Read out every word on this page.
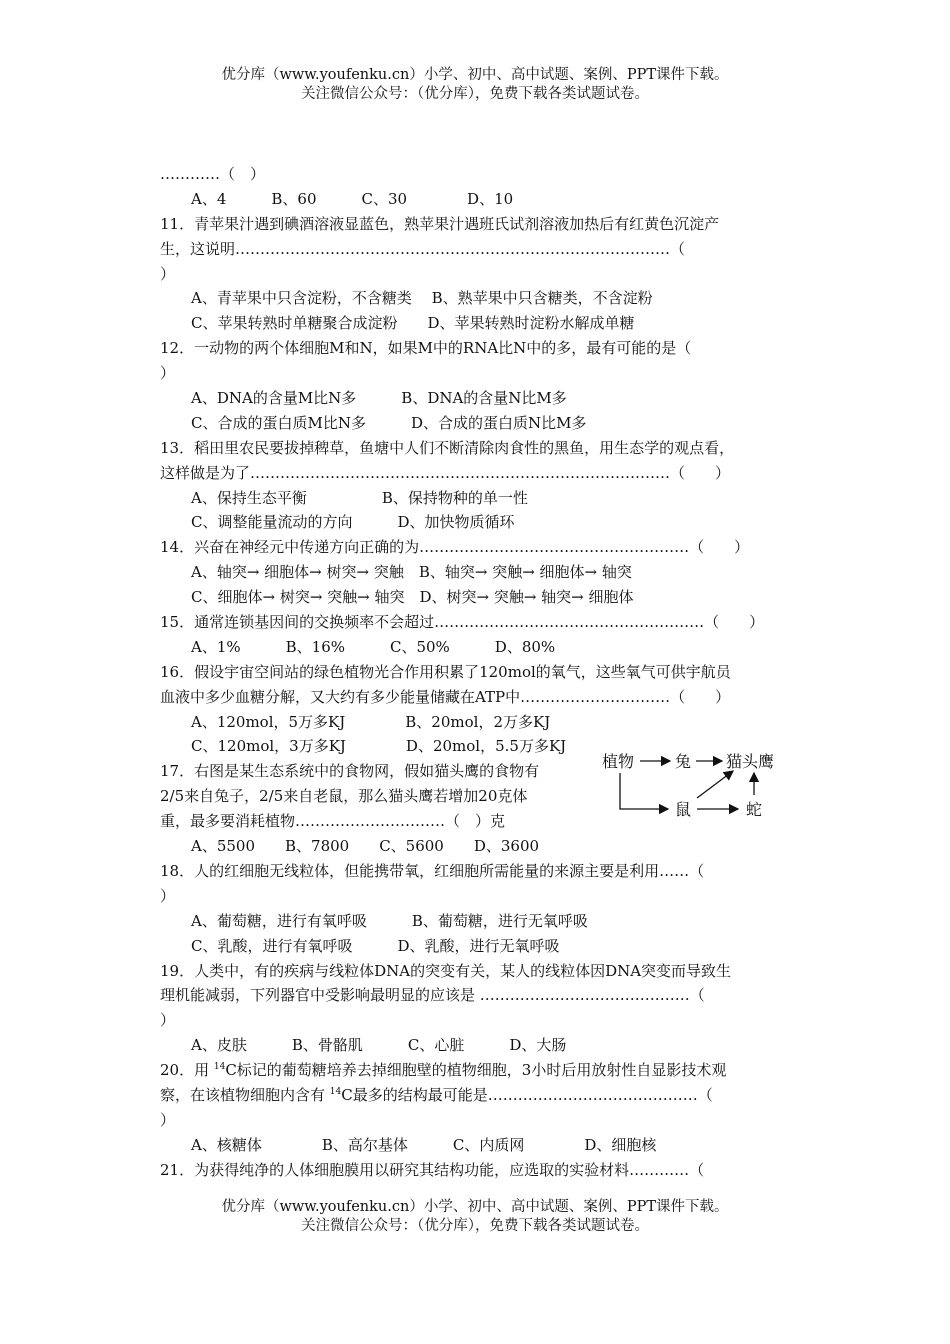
优分库（www.youfenku.cn）小学、初中、高中试题、案例、PPT课件下载。
关注微信公众号：（优分库），免费下载各类试题试卷。
…………（　）
A、4　　　B、60　　　C、30　　　　D、10
11．青苹果汁遇到碘酒溶液显蓝色，熟苹果汁遇班氏试剂溶液加热后有红黄色沉淀产
生，这说明……………………………………………………………………………（
）
A、青苹果中只含淀粉，不含糖类　 B、熟苹果中只含糖类，不含淀粉
C、苹果转熟时单糖聚合成淀粉　　D、苹果转熟时淀粉水解成单糖
12．一动物的两个体细胞M和N，如果M中的RNA比N中的多，最有可能的是（
）
A、DNA的含量M比N多　　　B、DNA的含量N比M多
C、合成的蛋白质M比N多　　　D、合成的蛋白质N比M多
13．稻田里农民要拔掉稗草，鱼塘中人们不断清除肉食性的黑鱼，用生态学的观点看，
这样做是为了…………………………………………………………………………（　　）
A、保持生态平衡　　　　　B、保持物种的单一性
C、调整能量流动的方向　　　D、加快物质循环
14．兴奋在神经元中传递方向正确的为………………………………………………（　　）
A、轴突→ 细胞体→ 树突→ 突触　B、轴突→ 突触→ 细胞体→ 轴突
C、细胞体→ 树突→ 突触→ 轴突　D、树突→ 突触→ 轴突→ 细胞体
15．通常连锁基因间的交换频率不会超过………………………………………………（　　）
A、1%　　　B、16%　　　C、50%　　　D、80%
16．假设宇宙空间站的绿色植物光合作用积累了120mol的氧气，这些氧气可供宇航员
血液中多少血糖分解，又大约有多少能量储藏在ATP中…………………………（　　）
A、120mol，5万多KJ　　　　B、20mol，2万多KJ
C、120mol，3万多KJ　　　　D、20mol，5.5万多KJ
17．右图是某生态系统中的食物网，假如猫头鹰的食物有
2/5来自兔子，2/5来自老鼠，那么猫头鹰若增加20克体
重，最多要消耗植物…………………………（　）克
植物	兔 猫头鹰
鼠	蛇
A、5500　　B、7800　　C、5600　　D、3600
18．人的红细胞无线粒体，但能携带氧，红细胞所需能量的来源主要是利用……（
）
A、葡萄糖，进行有氧呼吸　　　B、葡萄糖，进行无氧呼吸
C、乳酸，进行有氧呼吸　　　D、乳酸，进行无氧呼吸
19．人类中，有的疾病与线粒体DNA的突变有关，某人的线粒体因DNA突变而导致生
理机能减弱，下列器官中受影响最明显的应该是 ……………………………………（
）
A、皮肤　　　B、骨骼肌　　　C、心脏　　　D、大肠
20．用 $^{14}$C标记的葡萄糖培养去掉细胞壁的植物细胞，3小时后用放射性自显影技术观
察，在该植物细胞内含有 $^{14}$C最多的结构最可能是……………………………………（
）
A、核糖体　　　　B、高尔基体　　　C、内质网　　　　D、细胞核
21．为获得纯净的人体细胞膜用以研究其结构功能，应选取的实验材料…………（
优分库（www.youfenku.cn）小学、初中、高中试题、案例、PPT课件下载。
关注微信公众号：（优分库），免费下载各类试题试卷。
